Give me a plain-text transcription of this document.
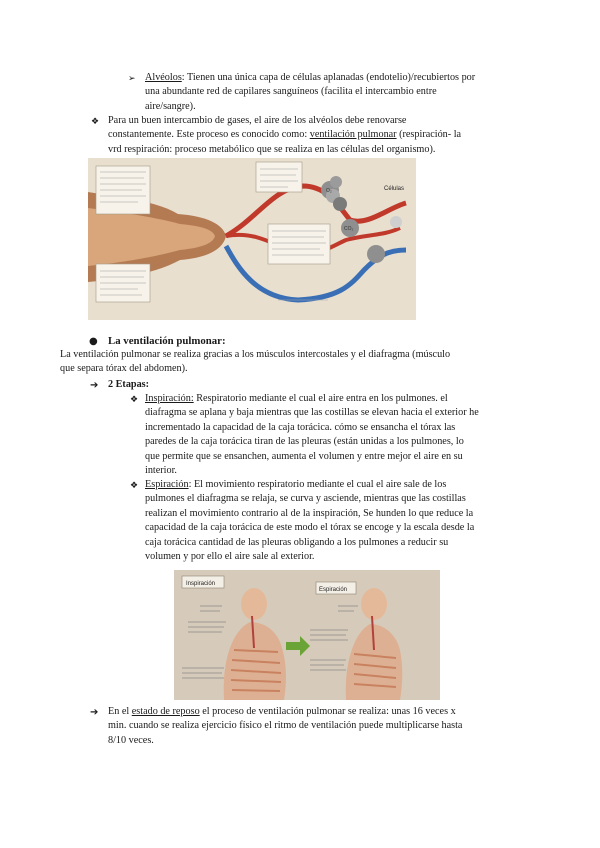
➢ Alvéolos: Tienen una única capa de células aplanadas (endotelio)/recubiertos por
una abundante red de capilares sanguíneos (facilita el intercambio entre
aire/sangre).
❖ Para un buen intercambio de gases, el aire de los alvéolos debe renovarse
constantemente. Este proceso es conocido como: ventilación pulmonar (respiración- la
vrd respiración: proceso metabólico que se realiza en las células del organismo).
O₂
CO₂
Células
● La ventilación pulmonar:
La ventilación pulmonar se realiza gracias a los músculos intercostales y el diafragma (músculo
que separa tórax del abdomen).
➔ 2 Etapas:
❖ Inspiración: Respiratorio mediante el cual el aire entra en los pulmones. el
diafragma se aplana y baja mientras que las costillas se elevan hacia el exterior he
incrementado la capacidad de la caja torácica. cómo se ensancha el tórax las
paredes de la caja torácica tiran de las pleuras (están unidas a los pulmones, lo
que permite que se ensanchen, aumenta el volumen y entre mejor el aire en su
interior.
❖ Espiración: El movimiento respiratorio mediante el cual el aire sale de los
pulmones el diafragma se relaja, se curva y asciende, mientras que las costillas
realizan el movimiento contrario al de la inspiración, Se hunden lo que reduce la
capacidad de la caja torácica de este modo el tórax se encoge y la escala desde la
caja torácica cantidad de las pleuras obligando a los pulmones a reducir su
volumen y por ello el aire sale al exterior.
Inspiración
Espiración
➔ En el estado de reposo el proceso de ventilación pulmonar se realiza: unas 16 veces x
min. cuando se realiza ejercicio físico el ritmo de ventilación puede multiplicarse hasta
8/10 veces.
